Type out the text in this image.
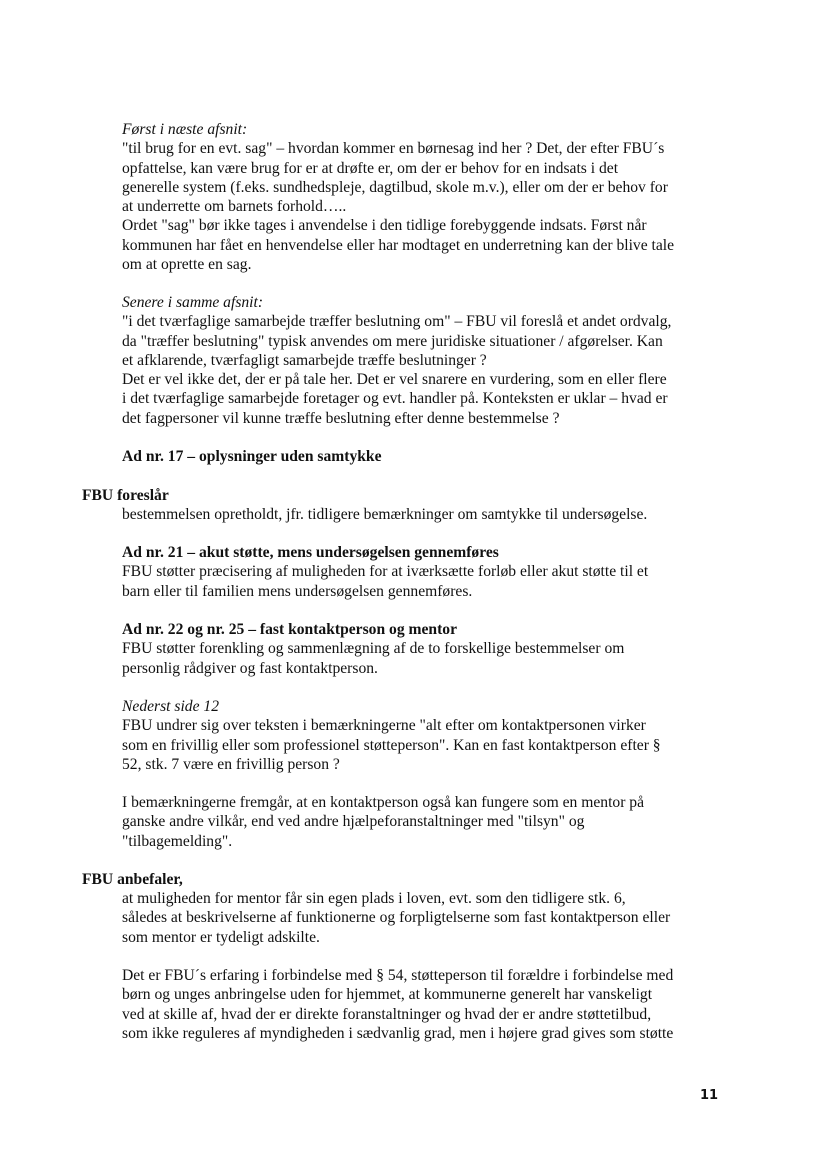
Først i næste afsnit:
"til brug for en evt. sag" – hvordan kommer en børnesag ind her ? Det, der efter FBU´s
opfattelse, kan være brug for er at drøfte er, om der er behov for en indsats i det
generelle system (f.eks. sundhedspleje, dagtilbud, skole m.v.), eller om der er behov for
at underrette om barnets forhold…..
Ordet "sag" bør ikke tages i anvendelse i den tidlige forebyggende indsats. Først når
kommunen har fået en henvendelse eller har modtaget en underretning kan der blive tale
om at oprette en sag.
Senere i samme afsnit:
"i det tværfaglige samarbejde træffer beslutning om" – FBU vil foreslå et andet ordvalg,
da "træffer beslutning" typisk anvendes om mere juridiske situationer / afgørelser. Kan
et afklarende, tværfagligt samarbejde træffe beslutninger ?
Det er vel ikke det, der er på tale her. Det er vel snarere en vurdering, som en eller flere
i det tværfaglige samarbejde foretager og evt. handler på. Konteksten er uklar – hvad er
det fagpersoner vil kunne træffe beslutning efter denne bestemmelse ?
Ad nr. 17 – oplysninger uden samtykke
FBU foreslår
bestemmelsen opretholdt, jfr. tidligere bemærkninger om samtykke til undersøgelse.
Ad nr. 21 – akut støtte, mens undersøgelsen gennemføres
FBU støtter præcisering af muligheden for at iværksætte forløb eller akut støtte til et
barn eller til familien mens undersøgelsen gennemføres.
Ad nr. 22 og nr. 25 – fast kontaktperson og mentor
FBU støtter forenkling og sammenlægning af de to forskellige bestemmelser om
personlig rådgiver og fast kontaktperson.
Nederst side 12
FBU undrer sig over teksten i bemærkningerne "alt efter om kontaktpersonen virker
som en frivillig eller som professionel støtteperson". Kan en fast kontaktperson efter §
52, stk. 7 være en frivillig person ?
I bemærkningerne fremgår, at en kontaktperson også kan fungere som en mentor på
ganske andre vilkår, end ved andre hjælpeforanstaltninger med "tilsyn" og
"tilbagemelding".
FBU anbefaler,
at muligheden for mentor får sin egen plads i loven, evt. som den tidligere stk. 6,
således at beskrivelserne af funktionerne og forpligtelserne som fast kontaktperson eller
som mentor er tydeligt adskilte.
Det er FBU´s erfaring i forbindelse med § 54, støtteperson til forældre i forbindelse med
børn og unges anbringelse uden for hjemmet, at kommunerne generelt har vanskeligt
ved at skille af, hvad der er direkte foranstaltninger og hvad der er andre støttetilbud,
som ikke reguleres af myndigheden i sædvanlig grad, men i højere grad gives som støtte
11
